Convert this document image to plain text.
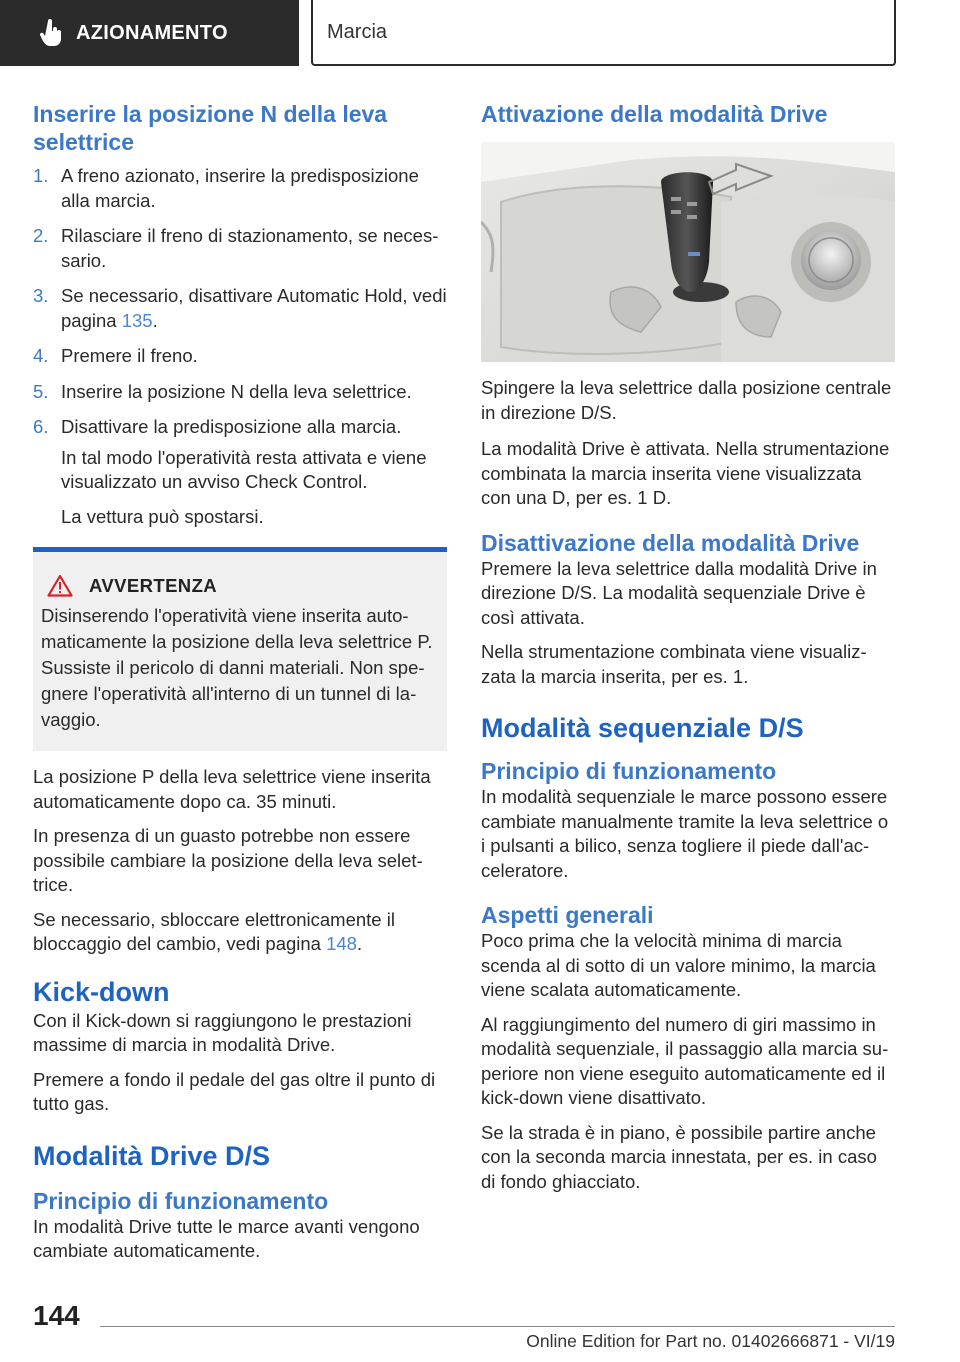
AZIONAMENTO	Marcia
Inserire la posizione N della leva selettrice
1. A freno azionato, inserire la predisposizione alla marcia.
2. Rilasciare il freno di stazionamento, se necessario.
3. Se necessario, disattivare Automatic Hold, vedi pagina 135.
4. Premere il freno.
5. Inserire la posizione N della leva selettrice.
6. Disattivare la predisposizione alla marcia.

In tal modo l'operatività resta attivata e viene visualizzato un avviso Check Control.

La vettura può spostarsi.

AVVERTENZA

Disinserendo l'operatività viene inserita automaticamente la posizione della leva selettrice P. Sussiste il pericolo di danni materiali. Non spegnere l'operatività all'interno di un tunnel di lavaggio.

La posizione P della leva selettrice viene inserita automaticamente dopo ca. 35 minuti.

In presenza di un guasto potrebbe non essere possibile cambiare la posizione della leva selettrice.

Se necessario, sbloccare elettronicamente il bloccaggio del cambio, vedi pagina 148.

Kick-down

Con il Kick-down si raggiungono le prestazioni massime di marcia in modalità Drive.

Premere a fondo il pedale del gas oltre il punto di tutto gas.

Modalità Drive D/S
Principio di funzionamento

In modalità Drive tutte le marce avanti vengono cambiate automaticamente.

Attivazione della modalità Drive

Spingere la leva selettrice dalla posizione centrale in direzione D/S.

La modalità Drive è attivata. Nella strumentazione combinata la marcia inserita viene visualizzata con una D, per es. 1 D.

Disattivazione della modalità Drive

Premere la leva selettrice dalla modalità Drive in direzione D/S. La modalità sequenziale Drive è così attivata.

Nella strumentazione combinata viene visualizzata la marcia inserita, per es. 1.

Modalità sequenziale D/S
Principio di funzionamento

In modalità sequenziale le marce possono essere cambiate manualmente tramite la leva selettrice o i pulsanti a bilico, senza togliere il piede dall'acceleratore.

Aspetti generali

Poco prima che la velocità minima di marcia scenda al di sotto di un valore minimo, la marcia viene scalata automaticamente.

Al raggiungimento del numero di giri massimo in modalità sequenziale, il passaggio alla marcia superiore non viene eseguito automaticamente ed il kick-down viene disattivato.

Se la strada è in piano, è possibile partire anche con la seconda marcia innestata, per es. in caso di fondo ghiacciato.

144
Online Edition for Part no. 01402666871 - VI/19
